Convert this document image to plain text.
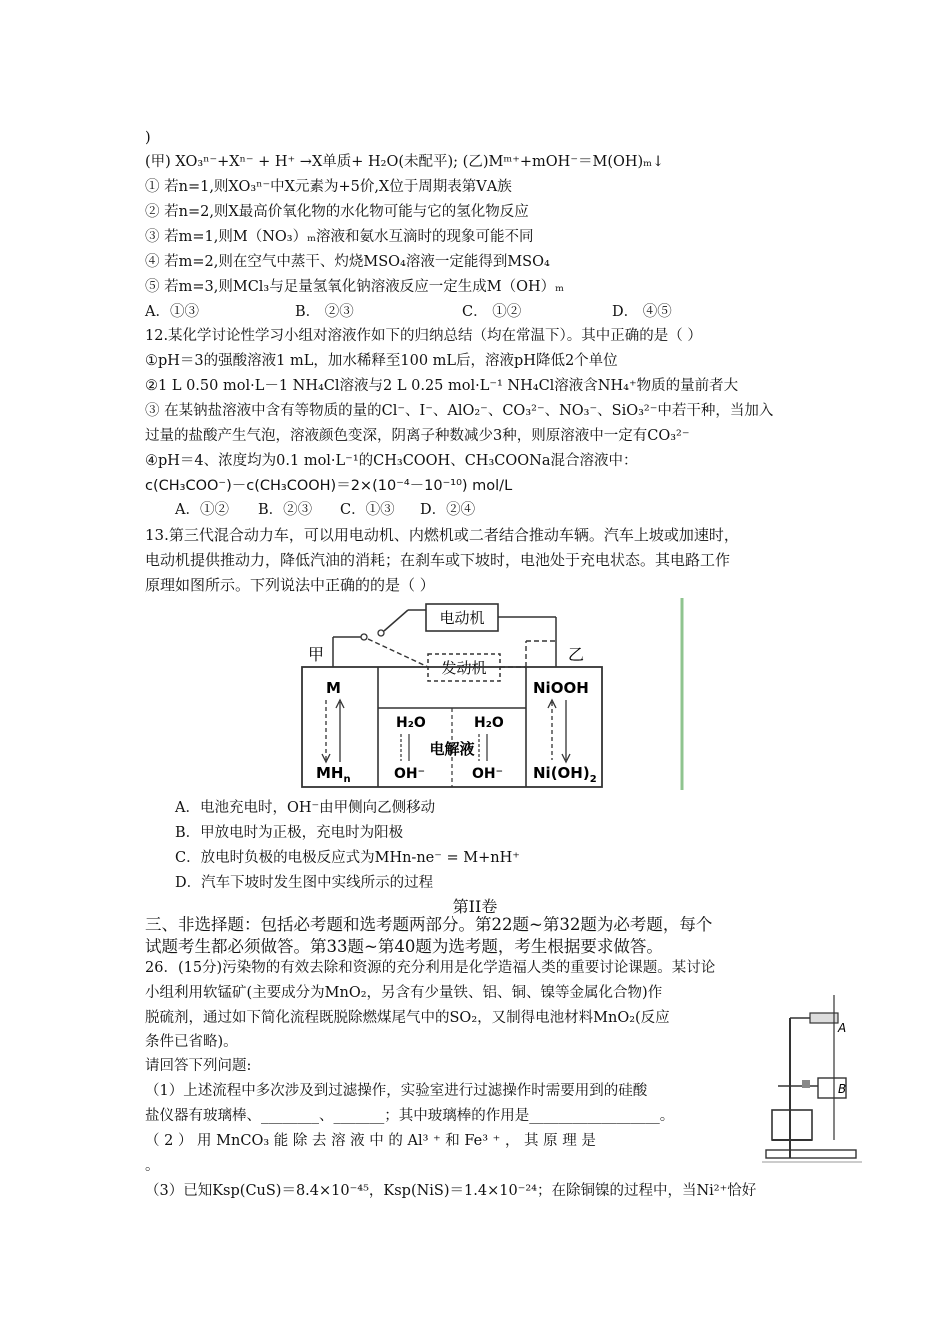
)
(甲) XO₃ⁿ⁻+Xⁿ⁻ + H⁺ →X单质+ H₂O(未配平); (乙)Mᵐ⁺+mOH⁻＝M(OH)ₘ↓
① 若n=1,则XO₃ⁿ⁻中X元素为+5价,X位于周期表第ⅤA族
② 若n=2,则X最高价氧化物的水化物可能与它的氢化物反应
③ 若m=1,则M（NO₃）ₘ溶液和氨水互滴时的现象可能不同
④ 若m=2,则在空气中蒸干、灼烧MSO₄溶液一定能得到MSO₄
⑤ 若m=3,则MCl₃与足量氢氧化钠溶液反应一定生成M（OH）ₘ
A．①③	B． ②③	C． ①②	D． ④⑤
12.某化学讨论性学习小组对溶液作如下的归纳总结（均在常温下）。其中正确的是（ ）
①pH＝3的强酸溶液1 mL，加水稀释至100 mL后，溶液pH降低2个单位
②1 L 0.50 mol·L－1 NH₄Cl溶液与2 L 0.25 mol·L⁻¹ NH₄Cl溶液含NH₄⁺物质的量前者大
③ 在某钠盐溶液中含有等物质的量的Cl⁻、I⁻、AlO₂⁻、CO₃²⁻、NO₃⁻、SiO₃²⁻中若干种，当加入
过量的盐酸产生气泡，溶液颜色变深，阴离子种数减少3种，则原溶液中一定有CO₃²⁻
④pH＝4、浓度均为0.1 mol·L⁻¹的CH₃COOH、CH₃COONa混合溶液中：
c(CH₃COO⁻)－c(CH₃COOH)＝2×(10⁻⁴－10⁻¹⁰) mol/L
A．①② B．②③ C．①③ D．②④
13.第三代混合动力车，可以用电动机、内燃机或二者结合推动车辆。汽车上坡或加速时，
电动机提供推动力，降低汽油的消耗；在刹车或下坡时，电池处于充电状态。其电路工作
原理如图所示。下列说法中正确的的是（ ）
电动机
发动机
甲	乙
M
$MH_n$
NiOOH
$Ni(OH)_2$
H₂O	H₂O
OH⁻	OH⁻
电解液
A．电池充电时，OH⁻由甲侧向乙侧移动
B．甲放电时为正极，充电时为阳极
C．放电时负极的电极反应式为MHn-ne⁻ = M+nH⁺
D．汽车下坡时发生图中实线所示的过程
第II卷
三、非选择题：包括必考题和选考题两部分。第22题~第32题为必考题，每个
试题考生都必须做答。第33题~第40题为选考题，考生根据要求做答。
26．(15分)污染物的有效去除和资源的充分利用是化学造福人类的重要讨论课题。某讨论
小组利用软锰矿(主要成分为MnO₂，另含有少量铁、铝、铜、镍等金属化合物)作
脱硫剂，通过如下简化流程既脱除燃煤尾气中的SO₂，又制得电池材料MnO₂(反应
条件已省略)。
请回答下列问题:
（1）上述流程中多次涉及到过滤操作，实验室进行过滤操作时需要用到的硅酸
盐仪器有玻璃棒、________、_______；其中玻璃棒的作用是__________________。
（ 2 ） 用 MnCO₃ 能 除 去 溶 液 中 的 Al³ ⁺ 和 Fe³ ⁺ ， 其 原 理 是
。
（3）已知Ksp(CuS)＝8.4×10⁻⁴⁵，Ksp(NiS)＝1.4×10⁻²⁴；在除铜镍的过程中，当Ni²⁺恰好
A
B
